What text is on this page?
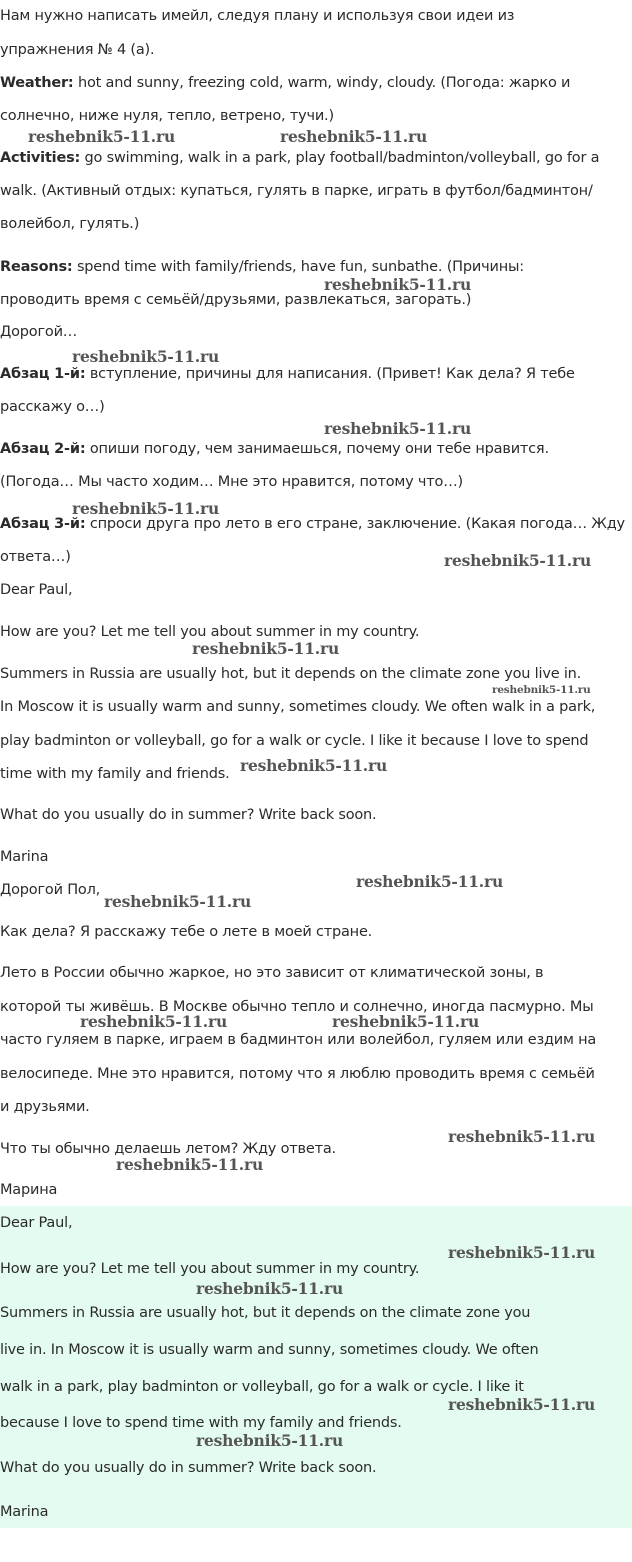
Нам нужно написать имейл, следуя плану и используя свои идеи из
упражнения № 4 (a).
Weather: hot and sunny, freezing cold, warm, windy, cloudy. (Погода: жарко и
солнечно, ниже нуля, тепло, ветрено, тучи.)
Activities: go swimming, walk in a park, play football/badminton/volleyball, go for a
walk. (Активный отдых: купаться, гулять в парке, играть в футбол/бадминтон/
волейбол, гулять.)
Reasons: spend time with family/friends, have fun, sunbathe. (Причины:
проводить время с семьёй/друзьями, развлекаться, загорать.)
Дорогой…
Абзац 1-й: вступление, причины для написания. (Привет! Как дела? Я тебе
расскажу о…)
Абзац 2-й: опиши погоду, чем занимаешься, почему они тебе нравится.
(Погода… Мы часто ходим… Мне это нравится, потому что…)
Абзац 3-й: спроси друга про лето в его стране, заключение. (Какая погода… Жду
ответа…)
Dear Paul,
How are you? Let me tell you about summer in my country.
Summers in Russia are usually hot, but it depends on the climate zone you live in.
In Moscow it is usually warm and sunny, sometimes cloudy. We often walk in a park,
play badminton or volleyball, go for a walk or cycle. I like it because I love to spend
time with my family and friends.
What do you usually do in summer? Write back soon.
Marina
Дорогой Пол,
Как дела? Я расскажу тебе о лете в моей стране.
Лето в России обычно жаркое, но это зависит от климатической зоны, в
которой ты живёшь. В Москве обычно тепло и солнечно, иногда пасмурно. Мы
часто гуляем в парке, играем в бадминтон или волейбол, гуляем или ездим на
велосипеде. Мне это нравится, потому что я люблю проводить время с семьёй
и друзьями.
Что ты обычно делаешь летом? Жду ответа.
Марина
Dear Paul,
How are you? Let me tell you about summer in my country.
Summers in Russia are usually hot, but it depends on the climate zone you
live in. In Moscow it is usually warm and sunny, sometimes cloudy. We often
walk in a park, play badminton or volleyball, go for a walk or cycle. I like it
because I love to spend time with my family and friends.
What do you usually do in summer? Write back soon.
Marina
reshebnik5-11.ru	reshebnik5-11.ru
reshebnik5-11.ru
reshebnik5-11.ru
reshebnik5-11.ru
reshebnik5-11.ru
reshebnik5-11.ru
reshebnik5-11.ru
reshebnik5-11.ru
reshebnik5-11.ru
reshebnik5-11.ru
reshebnik5-11.ru
reshebnik5-11.ru	reshebnik5-11.ru
reshebnik5-11.ru
reshebnik5-11.ru
reshebnik5-11.ru
reshebnik5-11.ru
reshebnik5-11.ru
reshebnik5-11.ru
